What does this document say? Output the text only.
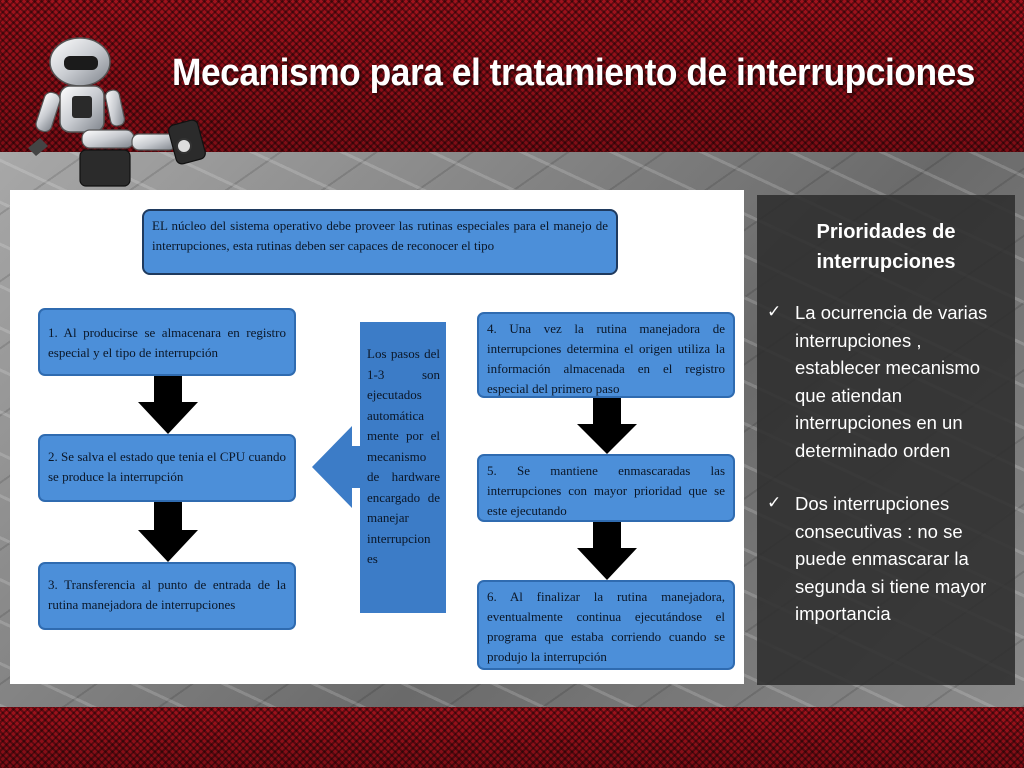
Mecanismo para el tratamiento de interrupciones
EL núcleo del sistema operativo debe proveer las rutinas especiales para el manejo de interrupciones, esta rutinas deben ser capaces de reconocer el tipo
1. Al producirse se almacenara en registro especial y el tipo de interrupción
2. Se salva el estado que tenia el CPU cuando se produce la interrupción
3. Transferencia al punto de entrada de la rutina manejadora de interrupciones
4. Una vez la rutina manejadora de interrupciones determina el origen utiliza la información almacenada en el registro especial del primero paso
5. Se mantiene enmascaradas las interrupciones con mayor prioridad que se este ejecutando
6. Al finalizar la rutina manejadora, eventualmente continua ejecutándose el programa que estaba corriendo cuando se produjo la interrupción
Los pasos del 1-3 son ejecutados automática mente por el mecanismo de hardware encargado de manejar interrupcion es
Prioridades de interrupciones
✓ La ocurrencia de varias interrupciones , establecer mecanismo que atiendan interrupciones en un determinado orden
✓ Dos interrupciones consecutivas : no se puede enmascarar la segunda si tiene mayor importancia
